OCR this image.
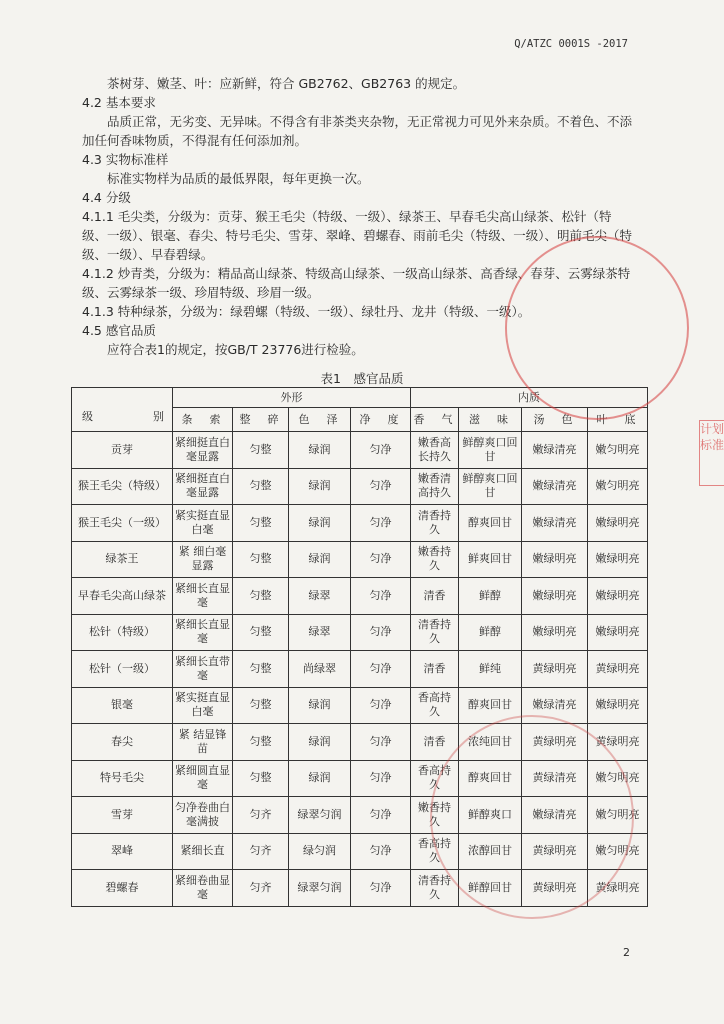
Q/ATZC 0001S -2017

茶树芽、嫩茎、叶：应新鲜，符合 GB2762、GB2763 的规定。

4.2 基本要求

品质正常，无劣变、无异味。不得含有非茶类夹杂物，无正常视力可见外来杂质。不着色、不添加任何香味物质，不得混有任何添加剂。

4.3 实物标准样

标准实物样为品质的最低界限，每年更换一次。

4.4 分级

4.1.1 毛尖类，分级为：贡芽、猴王毛尖（特级、一级）、绿茶王、早春毛尖高山绿茶、松针（特级、一级）、银毫、春尖、特号毛尖、雪芽、翠峰、碧螺春、雨前毛尖（特级、一级）、明前毛尖（特级、一级）、早春碧绿。

4.1.2 炒青类，分级为：精品高山绿茶、特级高山绿茶、一级高山绿茶、高香绿、春芽、云雾绿茶特级、云雾绿茶一级、珍眉特级、珍眉一级。

4.1.3 特种绿茶，分级为：绿碧螺（特级、一级）、绿牡丹、龙井（特级、一级）。

4.5 感官品质

应符合表1的规定，按GB/T 23776进行检验。

表1　感官品质
级 别	外形				内质			
	条　索	整　碎	色　泽	净　度	香　气	滋　味	汤　色	叶　底
贡芽	紧细挺直白毫显露	匀整	绿润	匀净	嫩香高长持久	鲜醇爽口回甘	嫩绿清亮	嫩匀明亮
猴王毛尖（特级）	紧细挺直白毫显露	匀整	绿润	匀净	嫩香清高持久	鲜醇爽口回甘	嫩绿清亮	嫩匀明亮
猴王毛尖（一级）	紧实挺直显白毫	匀整	绿润	匀净	清香持久	醇爽回甘	嫩绿清亮	嫩绿明亮
绿茶王	紧 细白毫显露	匀整	绿润	匀净	嫩香持久	鲜爽回甘	嫩绿明亮	嫩绿明亮
早春毛尖高山绿茶	紧细长直显毫	匀整	绿翠	匀净	清香	鲜醇	嫩绿明亮	嫩绿明亮
松针（特级）	紧细长直显毫	匀整	绿翠	匀净	清香持久	鲜醇	嫩绿明亮	嫩绿明亮
松针（一级）	紧细长直带毫	匀整	尚绿翠	匀净	清香	鲜纯	黄绿明亮	黄绿明亮
银毫	紧实挺直显白毫	匀整	绿润	匀净	香高持久	醇爽回甘	嫩绿清亮	嫩绿明亮
春尖	紧 结显锋苗	匀整	绿润	匀净	清香	浓纯回甘	黄绿明亮	黄绿明亮
特号毛尖	紧细圆直显毫	匀整	绿润	匀净	香高持久	醇爽回甘	黄绿清亮	嫩匀明亮
雪芽	匀净卷曲白毫满披	匀齐	绿翠匀润	匀净	嫩香持久	鲜醇爽口	嫩绿清亮	嫩匀明亮
翠峰	紧细长直	匀齐	绿匀润	匀净	香高持久	浓醇回甘	黄绿明亮	嫩匀明亮
碧螺春	紧细卷曲显毫	匀齐	绿翠匀润	匀净	清香持久	鲜醇回甘	黄绿明亮	黄绿明亮
2
计划
标准
